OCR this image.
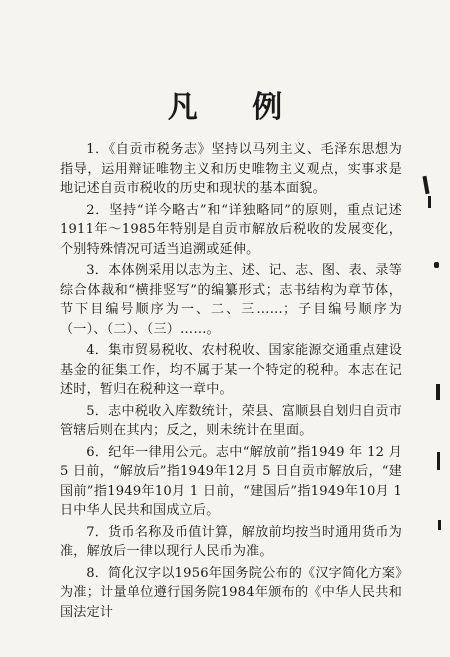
凡 例

1．《自贡市税务志》坚持以马列主义、毛泽东思想为指导，运用辩证唯物主义和历史唯物主义观点，实事求是地记述自贡市税收的历史和现状的基本面貌。

2．坚持“详今略古”和“详独略同”的原则，重点记述1911年～1985年特别是自贡市解放后税收的发展变化，个别特殊情况可适当追溯或延伸。

3．本体例采用以志为主、述、记、志、图、表、录等综合体裁和“横排竖写”的编纂形式；志书结构为章节体，节下目编号顺序为一、二、三……；子目编号顺序为（一）、（二）、（三）……。

4．集市贸易税收、农村税收、国家能源交通重点建设基金的征集工作，均不属于某一个特定的税种。本志在记述时，暂归在税种这一章中。

5．志中税收入库数统计，荣县、富顺县自划归自贡市管辖后则在其内；反之，则未统计在里面。

6．纪年一律用公元。志中“解放前”指1949 年 12 月 5 日前，“解放后”指1949年12月 5 日自贡市解放后，“建国前”指1949年10月 1 日前，“建国后”指1949年10月 1 日中华人民共和国成立后。

7．货币名称及币值计算，解放前均按当时通用货币为准，解放后一律以现行人民币为准。

8．简化汉字以1956年国务院公布的《汉字简化方案》为准；计量单位遵行国务院1984年颁布的《中华人民共和国法定计
